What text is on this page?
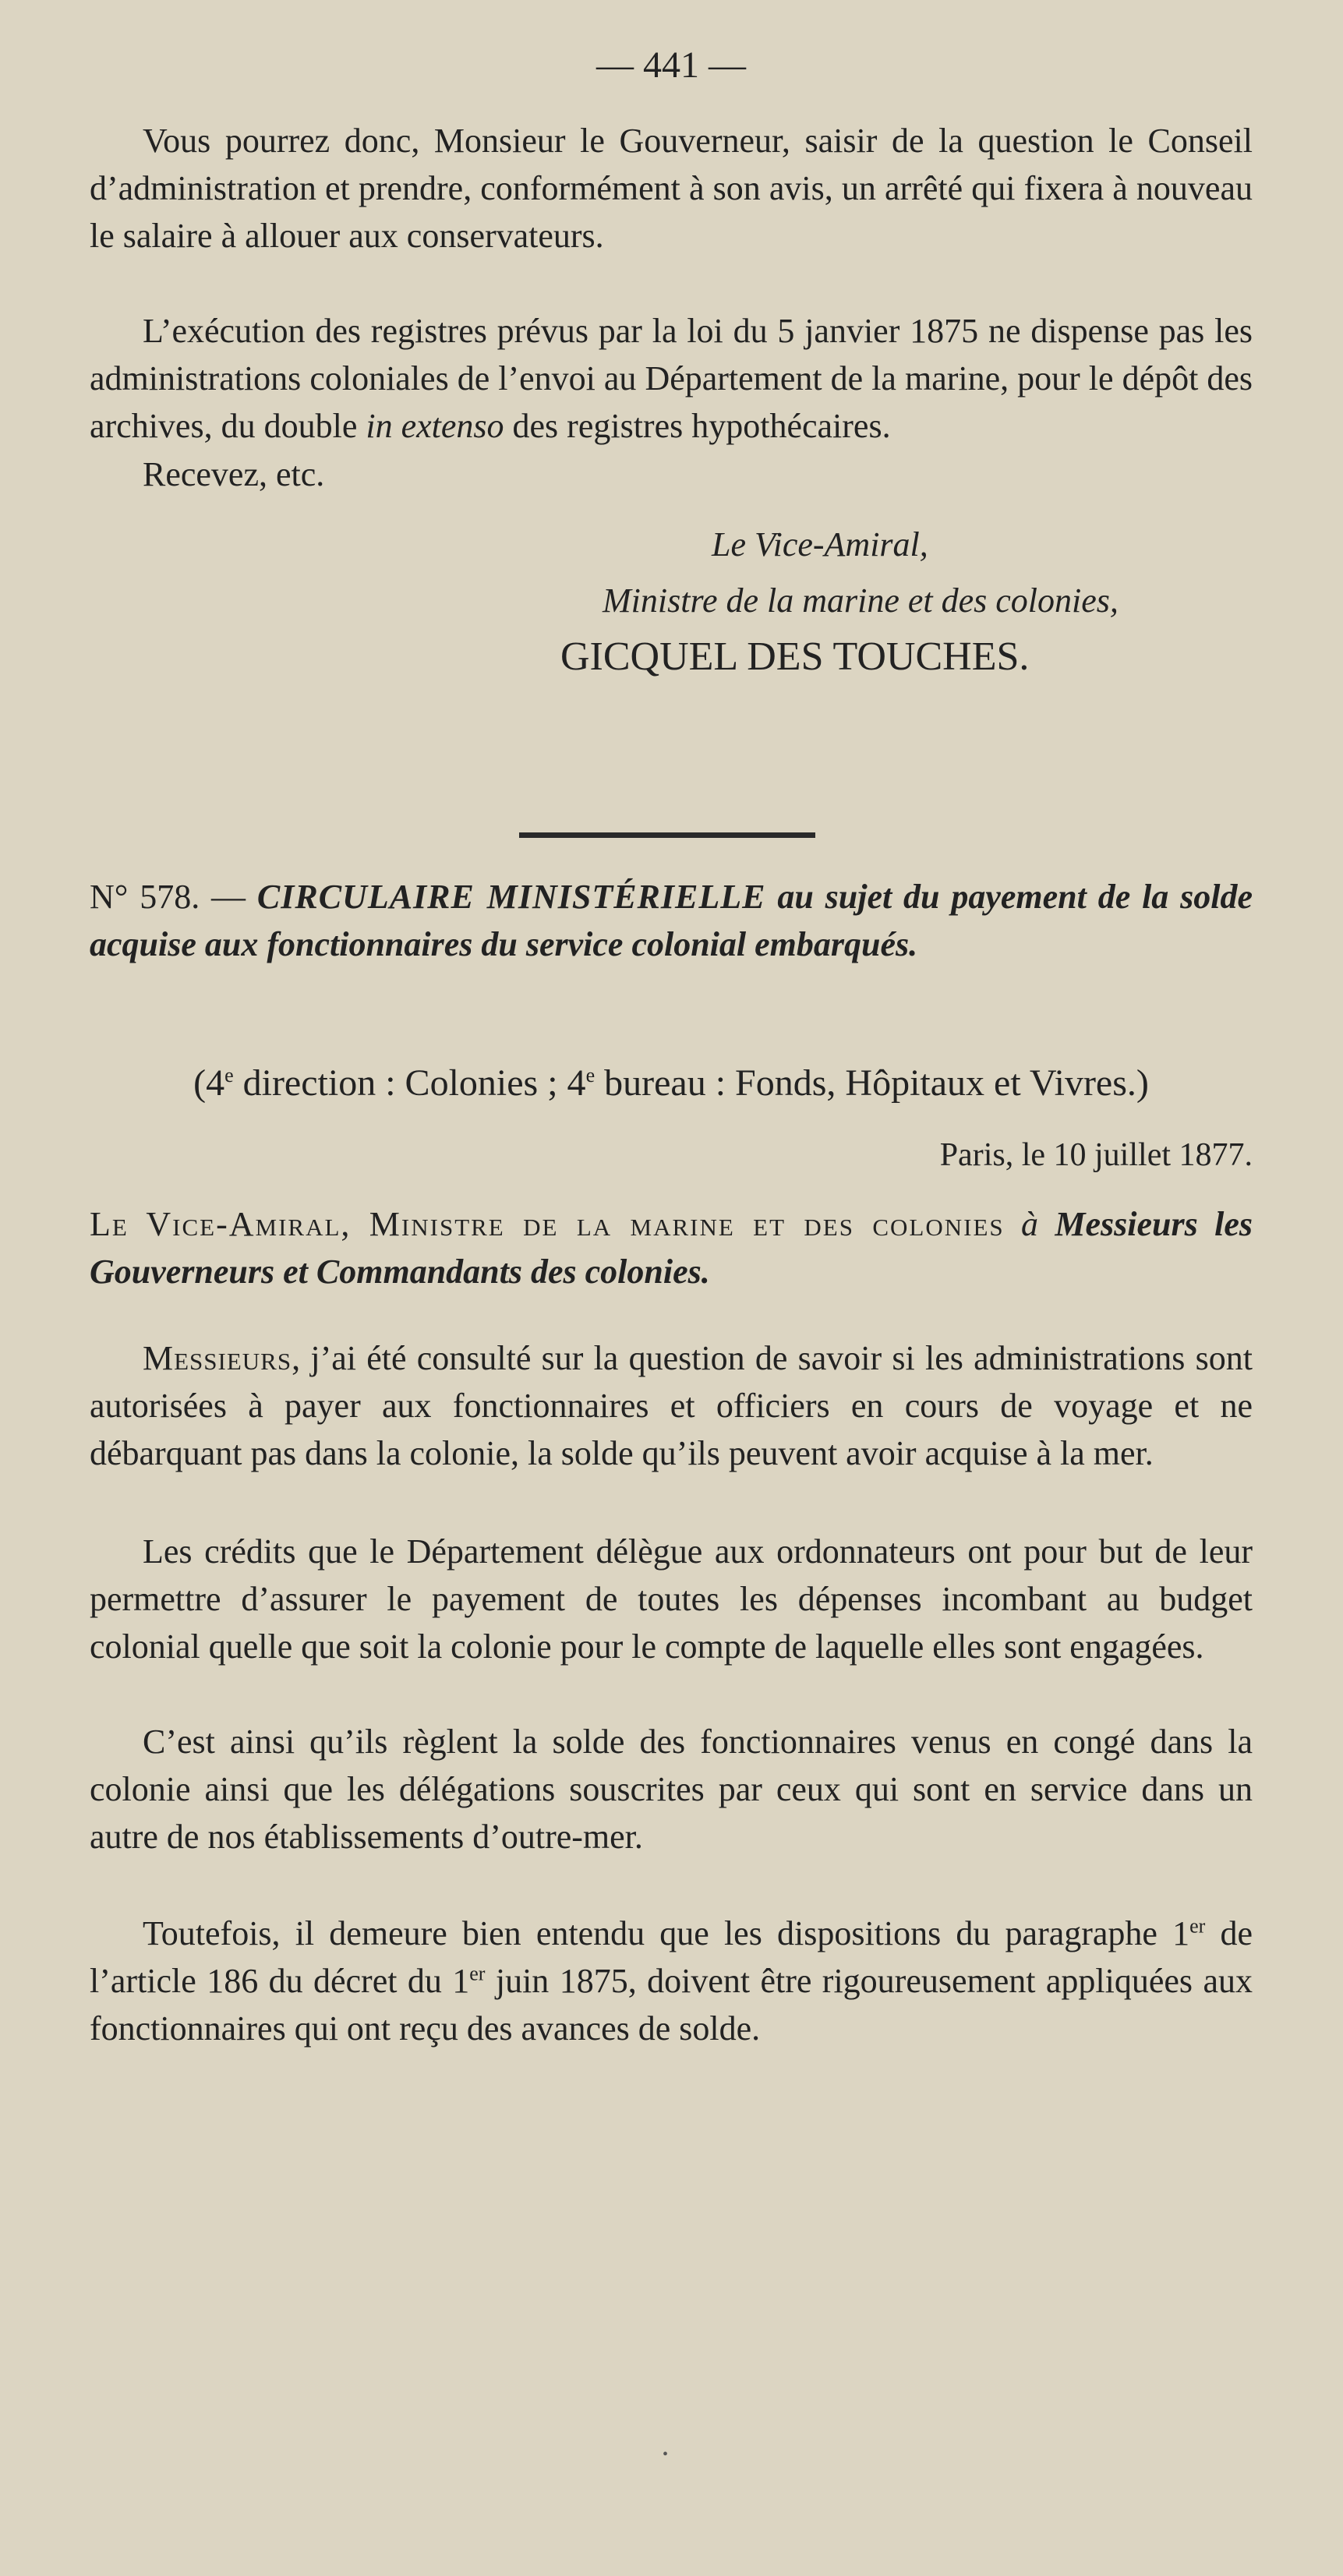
— 441 —

Vous pourrez donc, Monsieur le Gouverneur, saisir de la question le Conseil d’administration et prendre, conformément à son avis, un arrêté qui fixera à nouveau le salaire à allouer aux conservateurs.

L’exécution des registres prévus par la loi du 5 janvier 1875 ne dispense pas les administrations coloniales de l’envoi au Département de la marine, pour le dépôt des archives, du double in extenso des registres hypothécaires.

Recevez, etc.

Le Vice-Amiral,
Ministre de la marine et des colonies,
GICQUEL DES TOUCHES.

N° 578. — CIRCULAIRE MINISTÉRIELLE au sujet du payement de la solde acquise aux fonctionnaires du service colonial embarqués.

(4e direction : Colonies ; 4e bureau : Fonds, Hôpitaux et Vivres.)
Paris, le 10 juillet 1877.

Le Vice-Amiral, Ministre de la marine et des colonies à Messieurs les Gouverneurs et Commandants des colonies.

Messieurs, j’ai été consulté sur la question de savoir si les administrations sont autorisées à payer aux fonctionnaires et officiers en cours de voyage et ne débarquant pas dans la colonie, la solde qu’ils peuvent avoir acquise à la mer.

Les crédits que le Département délègue aux ordonnateurs ont pour but de leur permettre d’assurer le payement de toutes les dépenses incombant au budget colonial quelle que soit la colonie pour le compte de laquelle elles sont engagées.

C’est ainsi qu’ils règlent la solde des fonctionnaires venus en congé dans la colonie ainsi que les délégations souscrites par ceux qui sont en service dans un autre de nos établissements d’outre-mer.

Toutefois, il demeure bien entendu que les dispositions du paragraphe 1er de l’article 186 du décret du 1er juin 1875, doivent être rigoureusement appliquées aux fonctionnaires qui ont reçu des avances de solde.

•
